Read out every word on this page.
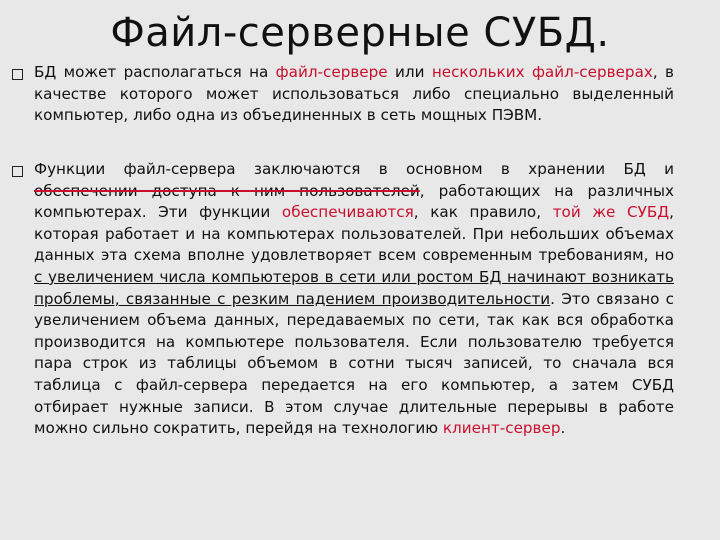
Файл-серверные СУБД.
БД может располагаться на файл-сервере или нескольких файл-серверах, в качестве которого может использоваться либо специально выделенный компьютер, либо одна из объединенных в сеть мощных ПЭВМ.
Функции файл-сервера заключаются в основном в хранении БД и обеспечении доступа к ним пользователей, работающих на различных компьютерах. Эти функции обеспечиваются, как правило, той же СУБД, которая работает и на компьютерах пользователей. При небольших объемах данных эта схема вполне удовлетворяет всем современным требованиям, но с увеличением числа компьютеров в сети или ростом БД начинают возникать проблемы, связанные с резким падением производительности. Это связано с увеличением объема данных, передаваемых по сети, так как вся обработка производится на компьютере пользователя. Если пользователю требуется пара строк из таблицы объемом в сотни тысяч записей, то сначала вся таблица с файл-сервера передается на его компьютер, а затем СУБД отбирает нужные записи. В этом случае длительные перерывы в работе можно сильно сократить, перейдя на технологию клиент-сервер.
